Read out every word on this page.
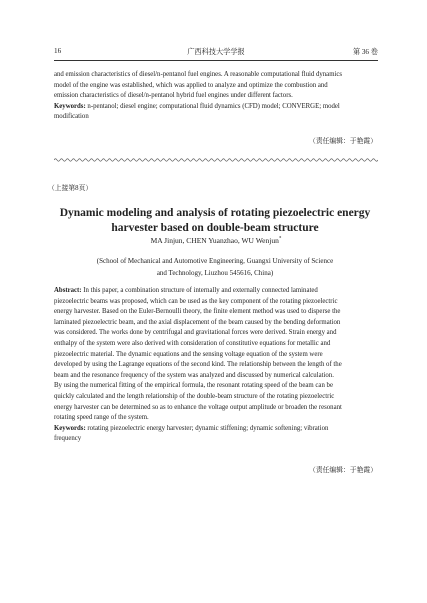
16	广西科技大学学报	第 36 卷

and emission characteristics of diesel/n-pentanol fuel engines. A reasonable computational fluid dynamics
model of the engine was established, which was applied to analyze and optimize the combustion and
emission characteristics of diesel/n-pentanol hybrid fuel engines under different factors.
Keywords: n-pentanol; diesel engine; computational fluid dynamics (CFD) model; CONVERGE; model
modification

（责任编辑：于艳霞）
（上接第8页）
Dynamic modeling and analysis of rotating piezoelectric energy
harvester based on double-beam structure
MA Jinjun, CHEN Yuanzhao, WU Wenjun*
(School of Mechanical and Automotive Engineering, Guangxi University of Science
and Technology, Liuzhou 545616, China)

Abstract: In this paper, a combination structure of internally and externally connected laminated
piezoelectric beams was proposed, which can be used as the key component of the rotating piezoelectric
energy harvester. Based on the Euler-Bernoulli theory, the finite element method was used to disperse the
laminated piezoelectric beam, and the axial displacement of the beam caused by the bending deformation
was considered. The works done by centrifugal and gravitational forces were derived. Strain energy and
enthalpy of the system were also derived with consideration of constitutive equations for metallic and
piezoelectric material. The dynamic equations and the sensing voltage equation of the system were
developed by using the Lagrange equations of the second kind. The relationship between the length of the
beam and the resonance frequency of the system was analyzed and discussed by numerical calculation.
By using the numerical fitting of the empirical formula, the resonant rotating speed of the beam can be
quickly calculated and the length relationship of the double-beam structure of the rotating piezoelectric
energy harvester can be determined so as to enhance the voltage output amplitude or broaden the resonant
rotating speed range of the system.
Keywords: rotating piezoelectric energy harvester; dynamic stiffening; dynamic softening; vibration
frequency

（责任编辑：于艳霞）
